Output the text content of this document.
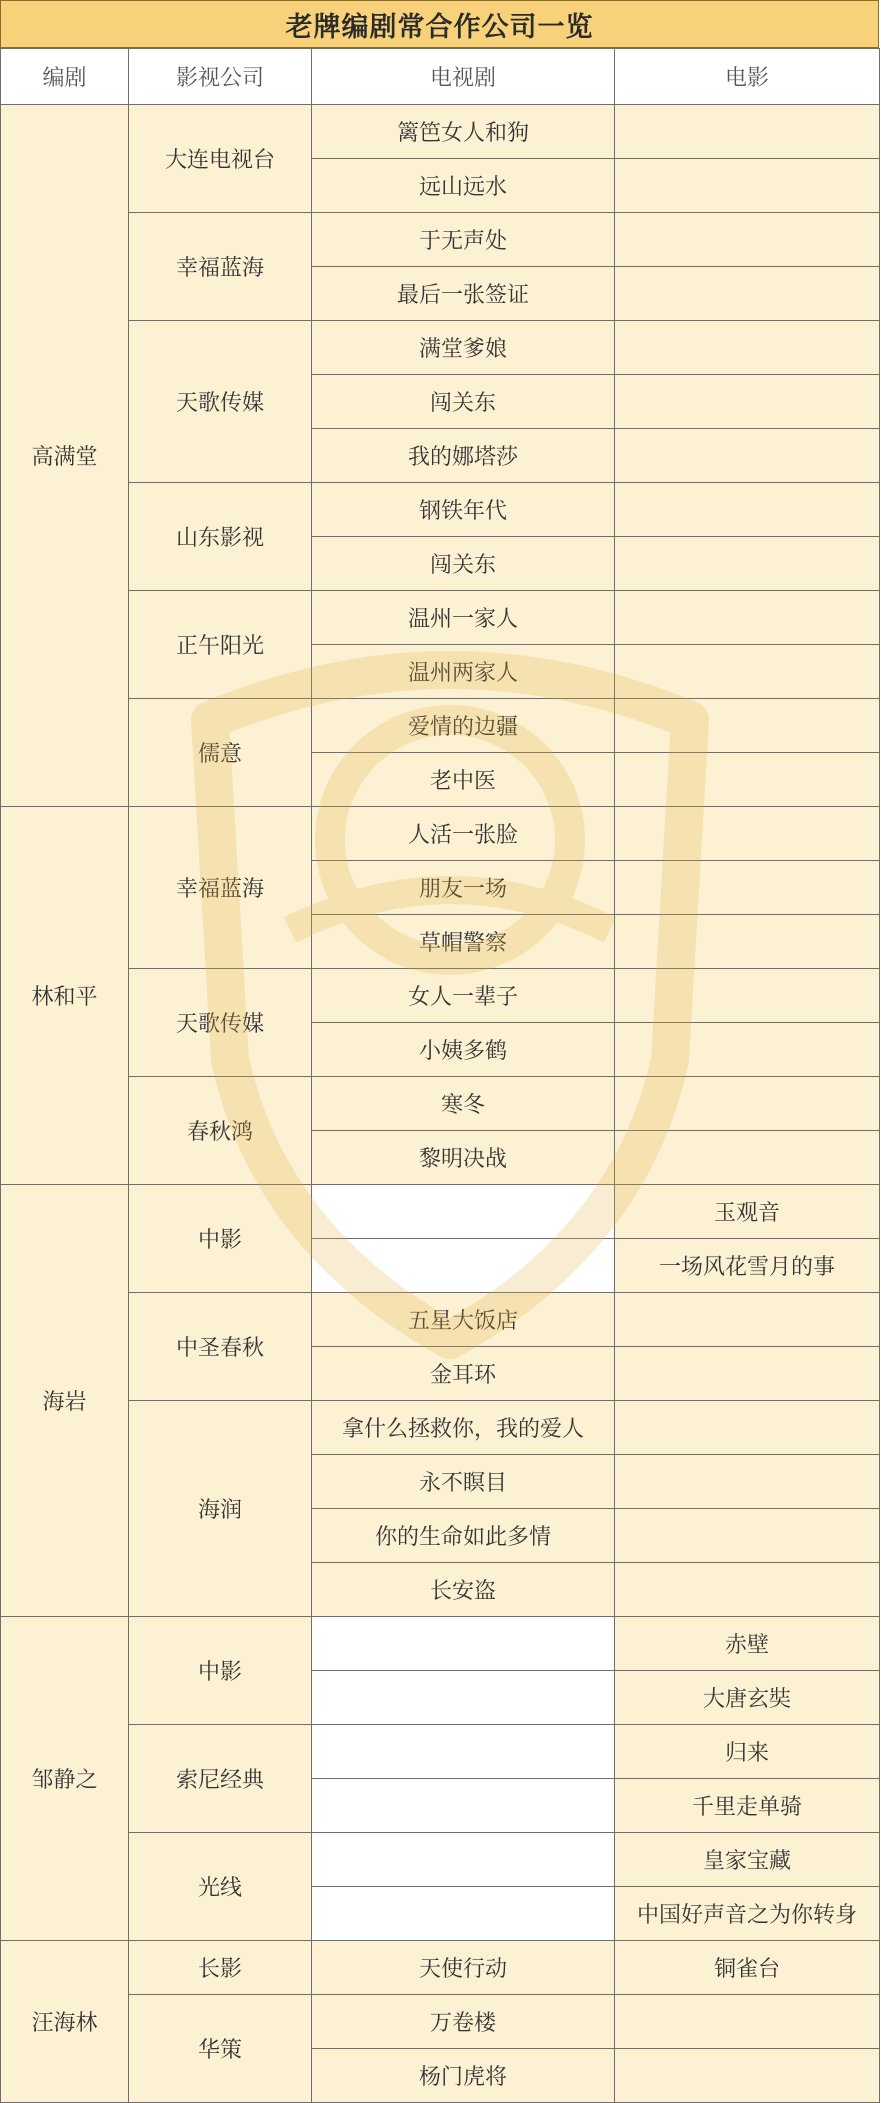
老牌编剧常合作公司一览
编剧	影视公司	电视剧	电影
高满堂	大连电视台	篱笆女人和狗	
		远山远水	
	幸福蓝海	于无声处	
		最后一张签证	
	天歌传媒	满堂爹娘	
		闯关东	
		我的娜塔莎	
	山东影视	钢铁年代	
		闯关东	
	正午阳光	温州一家人	
		温州两家人	
	儒意	爱情的边疆	
		老中医	
林和平	幸福蓝海	人活一张脸	
		朋友一场	
		草帽警察	
	天歌传媒	女人一辈子	
		小姨多鹤	
	春秋鸿	寒冬	
		黎明决战	
海岩	中影		玉观音
			一场风花雪月的事
	中圣春秋	五星大饭店	
		金耳环	
	海润	拿什么拯救你，我的爱人	
		永不瞑目	
		你的生命如此多情	
		长安盗	
邹静之	中影		赤壁
			大唐玄奘
	索尼经典		归来
			千里走单骑
	光线		皇家宝藏
			中国好声音之为你转身
汪海林	长影	天使行动	铜雀台
	华策	万卷楼	
		杨门虎将	
